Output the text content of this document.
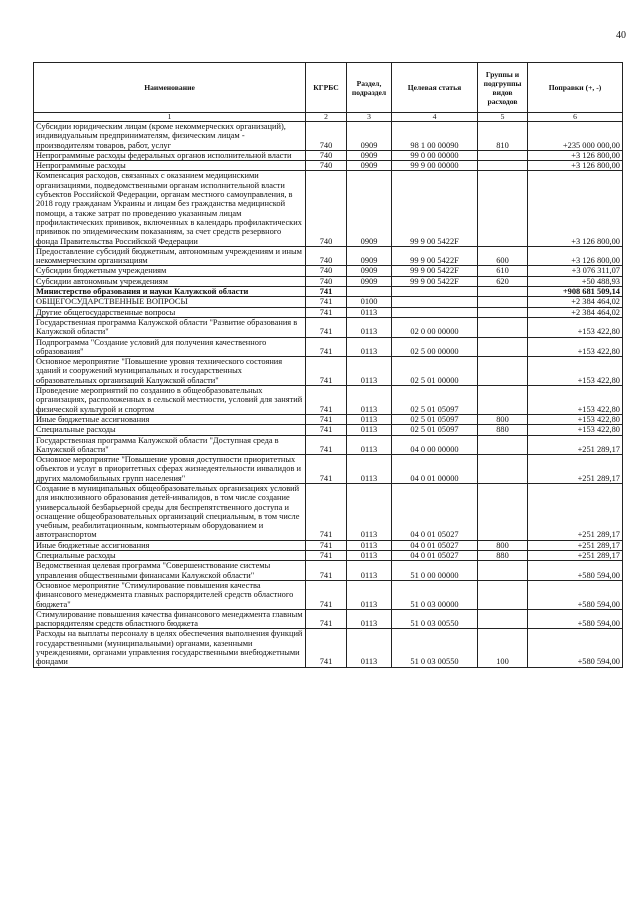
40
Наименование	КГРБС	Раздел, подраздел	Целевая статья	Группы и подгруппы видов расходов	Поправки (+, -)
1	2	3	4	5	6
Субсидии юридическим лицам (кроме некоммерческих организаций), индивидуальным предпринимателям, физическим лицам - производителям товаров, работ, услуг	740	0909	98 1 00 00090	810	+235 000 000,00
Непрограммные расходы федеральных органов исполнительной власти	740	0909	99 0 00 00000		+3 126 800,00
Непрограммные расходы	740	0909	99 9 00 00000		+3 126 800,00
Компенсация расходов, связанных с оказанием медицинскими организациями, подведомственными органам исполнительной власти субъектов Российской Федерации, органам местного самоуправления, в 2018 году гражданам Украины и лицам без гражданства медицинской помощи, а также затрат по проведению указанным лицам профилактических прививок, включенных в календарь профилактических прививок по эпидемическим показаниям, за счет средств резервного фонда Правительства Российской Федерации	740	0909	99 9 00 5422F		+3 126 800,00
Предоставление субсидий бюджетным, автономным учреждениям и иным некоммерческим организациям	740	0909	99 9 00 5422F	600	+3 126 800,00
Субсидии бюджетным учреждениям	740	0909	99 9 00 5422F	610	+3 076 311,07
Субсидии автономным учреждениям	740	0909	99 9 00 5422F	620	+50 488,93
Министерство образования и науки Калужской области	741				+908 681 509,14
ОБЩЕГОСУДАРСТВЕННЫЕ ВОПРОСЫ	741	0100			+2 384 464,02
Другие общегосударственные вопросы	741	0113			+2 384 464,02
Государственная программа Калужской области "Развитие образования в Калужской области"	741	0113	02 0 00 00000		+153 422,80
Подпрограмма "Создание условий для получения качественного образования"	741	0113	02 5 00 00000		+153 422,80
Основное мероприятие "Повышение уровня технического состояния зданий и сооружений муниципальных и государственных образовательных организаций Калужской области"	741	0113	02 5 01 00000		+153 422,80
Проведение мероприятий по созданию в общеобразовательных организациях, расположенных в сельской местности, условий для занятий физической культурой и спортом	741	0113	02 5 01 05097		+153 422,80
Иные бюджетные ассигнования	741	0113	02 5 01 05097	800	+153 422,80
Специальные расходы	741	0113	02 5 01 05097	880	+153 422,80
Государственная программа Калужской области "Доступная среда в Калужской области"	741	0113	04 0 00 00000		+251 289,17
Основное мероприятие "Повышение уровня доступности приоритетных объектов и услуг в приоритетных сферах жизнедеятельности инвалидов и других маломобильных групп населения"	741	0113	04 0 01 00000		+251 289,17
Создание в муниципальных общеобразовательных организациях условий для инклюзивного образования детей-инвалидов, в том числе создание универсальной безбарьерной среды для беспрепятственного доступа и оснащение общеобразовательных организаций специальным, в том числе учебным, реабилитационным, компьютерным оборудованием и автотранспортом	741	0113	04 0 01 05027		+251 289,17
Иные бюджетные ассигнования	741	0113	04 0 01 05027	800	+251 289,17
Специальные расходы	741	0113	04 0 01 05027	880	+251 289,17
Ведомственная целевая программа "Совершенствование системы управления общественными финансами Калужской области"	741	0113	51 0 00 00000		+580 594,00
Основное мероприятие "Стимулирование повышения качества финансового менеджмента главных распорядителей средств областного бюджета"	741	0113	51 0 03 00000		+580 594,00
Стимулирование повышения качества финансового менеджмента главным распорядителям средств областного бюджета	741	0113	51 0 03 00550		+580 594,00
Расходы на выплаты персоналу в целях обеспечения выполнения функций государственными (муниципальными) органами, казенными учреждениями, органами управления государственными внебюджетными фондами	741	0113	51 0 03 00550	100	+580 594,00
